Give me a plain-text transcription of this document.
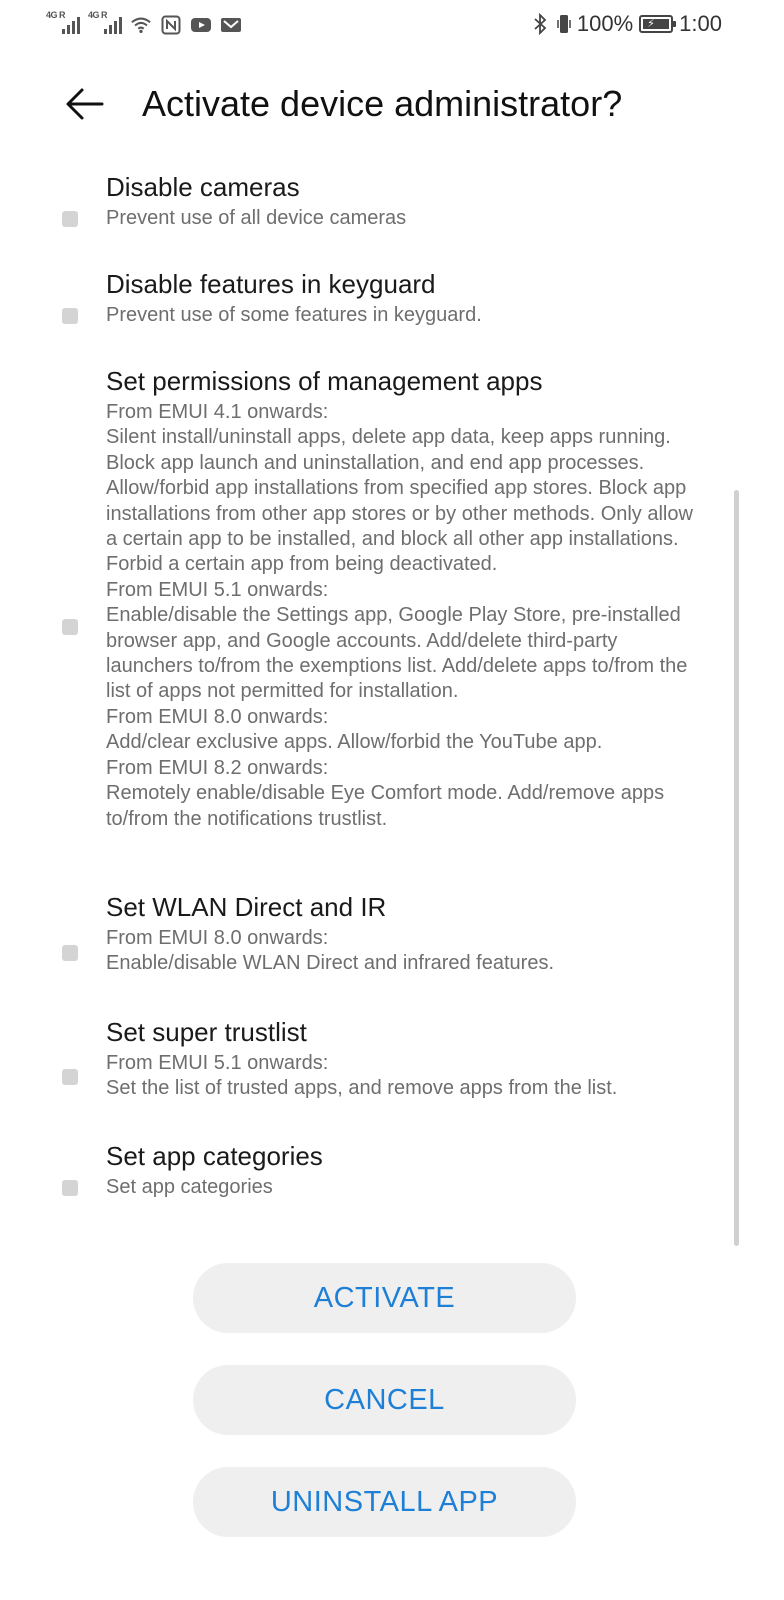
4G R	4G R	100% ⚡ 1:00
Activate device administrator?
Disable cameras
Prevent use of all device cameras
Disable features in keyguard
Prevent use of some features in keyguard.
Set permissions of management apps
From EMUI 4.1 onwards:
Silent install/uninstall apps, delete app data, keep apps running. Block app launch and uninstallation, and end app processes. Allow/forbid app installations from specified app stores. Block app installations from other app stores or by other methods. Only allow a certain app to be installed, and block all other app installations. Forbid a certain app from being deactivated.
From EMUI 5.1 onwards:
Enable/disable the Settings app, Google Play Store, pre-installed browser app, and Google accounts. Add/delete third-party launchers to/from the exemptions list. Add/delete apps to/from the list of apps not permitted for installation.
From EMUI 8.0 onwards:
Add/clear exclusive apps. Allow/forbid the YouTube app.
From EMUI 8.2 onwards:
Remotely enable/disable Eye Comfort mode. Add/remove apps to/from the notifications trustlist.
Set WLAN Direct and IR
From EMUI 8.0 onwards:
Enable/disable WLAN Direct and infrared features.
Set super trustlist
From EMUI 5.1 onwards:
Set the list of trusted apps, and remove apps from the list.
Set app categories
Set app categories
ACTIVATE
CANCEL
UNINSTALL APP
